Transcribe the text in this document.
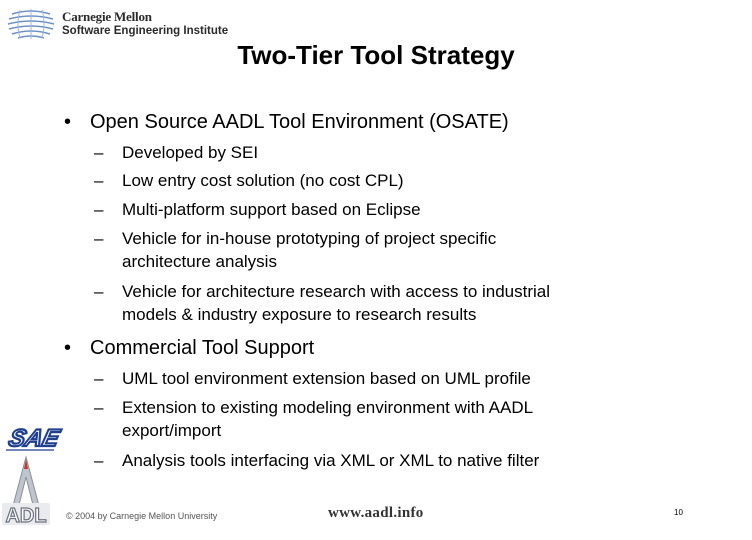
Carnegie Mellon
Software Engineering Institute
Two-Tier Tool Strategy
• Open Source AADL Tool Environment (OSATE)
– Developed by SEI
– Low entry cost solution (no cost CPL)
– Multi-platform support based on Eclipse
– Vehicle for in-house prototyping of project specific
architecture analysis
– Vehicle for architecture research with access to industrial
models & industry exposure to research results
• Commercial Tool Support
– UML tool environment extension based on UML profile
– Extension to existing modeling environment with AADL
export/import
– Analysis tools interfacing via XML or XML to native filter
SAE
ADL © 2004 by Carnegie Mellon University	www.aadl.info	10
